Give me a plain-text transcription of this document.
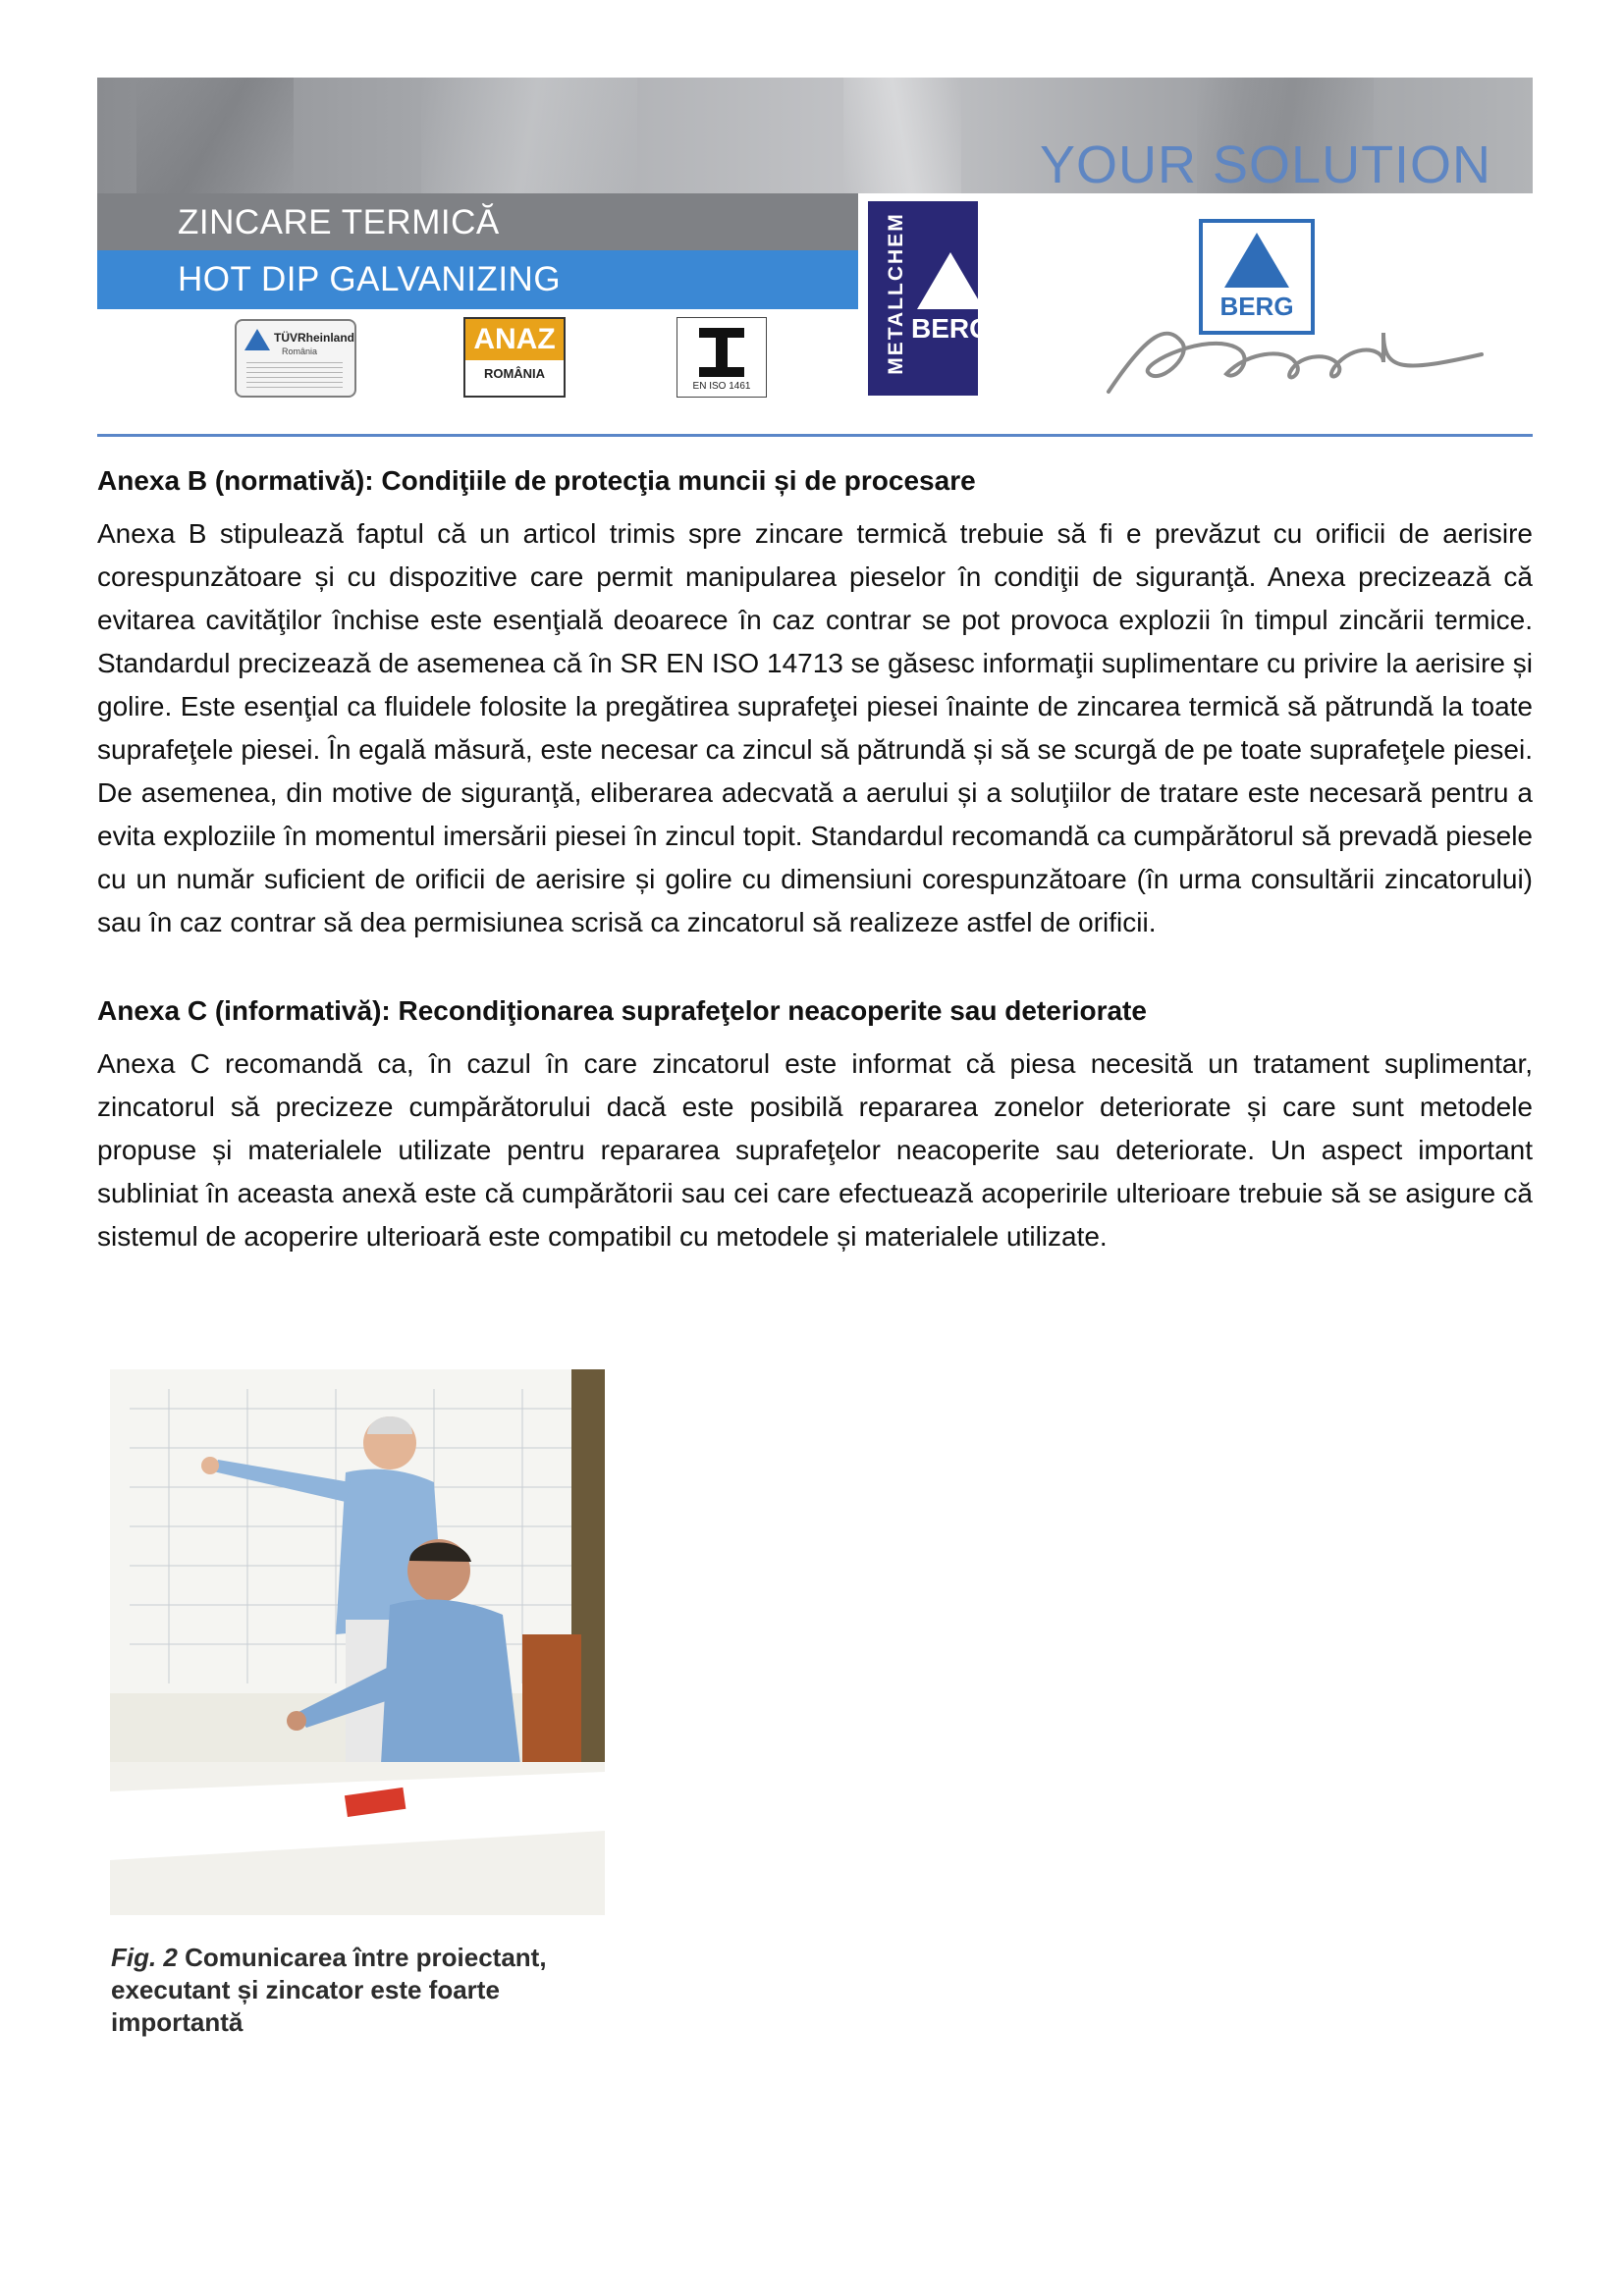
YOUR SOLUTION
ZINCARE TERMICĂ
HOT DIP GALVANIZING
TÜVRheinland
România	ANAZ
ROMÂNIA
EN ISO 1461
METALLCHEM BERG
BERG
Anexa B (normativă): Condiţiile de protecţia muncii și de procesare

Anexa B stipulează faptul că un articol trimis spre zincare termică trebuie să fi e prevăzut cu orificii de aerisire corespunzătoare și cu dispozitive care permit manipularea pieselor în condiţii de siguranţă. Anexa precizează că evitarea cavităţilor închise este esenţială deoarece în caz contrar se pot provoca explozii în timpul zincării termice. Standardul precizează de asemenea că în SR EN ISO 14713 se găsesc informaţii suplimentare cu privire la aerisire și golire. Este esenţial ca fluidele folosite la pregătirea suprafeţei piesei înainte de zincarea termică să pătrundă la toate suprafeţele piesei. În egală măsură, este necesar ca zincul să pătrundă și să se scurgă de pe toate suprafeţele piesei. De asemenea, din motive de siguranţă, eliberarea adecvată a aerului și a soluţiilor de tratare este necesară pentru a evita exploziile în momentul imersării piesei în zincul topit. Standardul recomandă ca cumpărătorul să prevadă piesele cu un număr suficient de orificii de aerisire și golire cu dimensiuni corespunzătoare (în urma consultării zincatorului) sau în caz contrar să dea permisiunea scrisă ca zincatorul să realizeze astfel de orificii.

Anexa C (informativă): Recondiţionarea suprafeţelor neacoperite sau deteriorate

Anexa C recomandă ca, în cazul în care zincatorul este informat că piesa necesită un tratament suplimentar, zincatorul să precizeze cumpărătorului dacă este posibilă repararea zonelor deteriorate și care sunt metodele propuse și materialele utilizate pentru repararea suprafeţelor neacoperite sau deteriorate. Un aspect important subliniat în aceasta anexă este că cumpărătorii sau cei care efectuează acoperirile ulterioare trebuie să se asigure că sistemul de acoperire ulterioară este compatibil cu metodele și materialele utilizate.

Fig. 2 Comunicarea între proiectant, executant și zincator este foarte importantă
